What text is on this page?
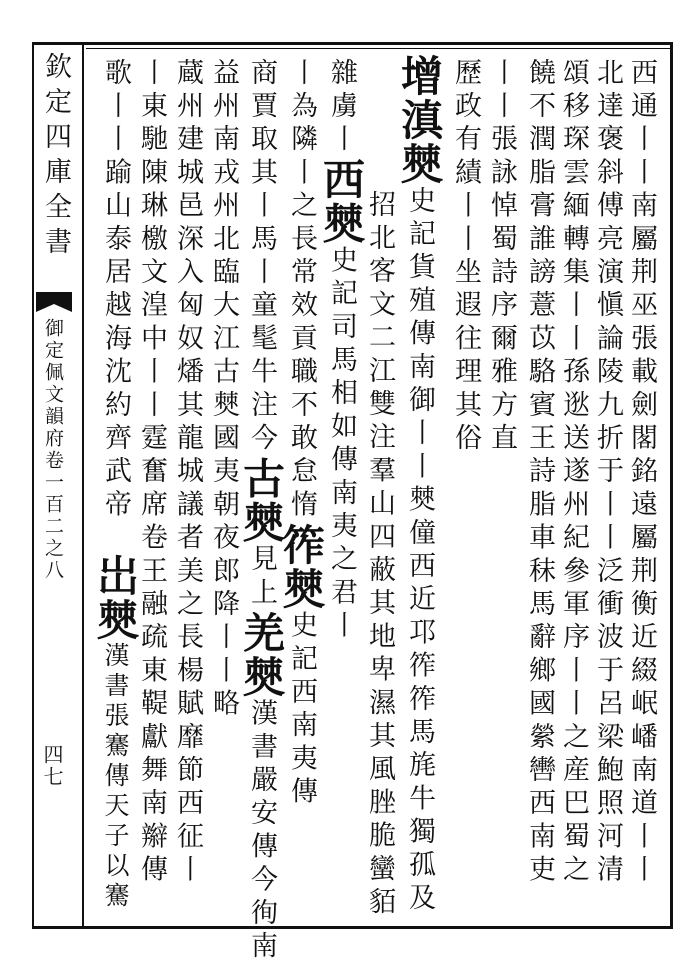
欽定四庫全書
御定佩文韻府卷一百二之八
四七	西通丨丨南屬荆巫張載劍閣銘遠屬荆衡近綴岷嶓南道丨丨
北達褒斜傅亮演愼論陵九折于丨丨泛衝波于呂梁鮑照河清
頌移琛雲緬轉集丨丨孫逖送遂州紀參軍序丨丨之産巴蜀之
饒不潤脂膏誰謗薏苡駱賓王詩脂車秣馬辭鄉國縈轡西南吏
丨丨張詠悼蜀詩序爾雅方直
歷政有績丨丨坐遐往理其俗
增滇僰史記貨殖傳南御丨丨僰僮西近邛筰筰馬旄牛獨孤及
招北客文二江雙注羣山四蔽其地卑濕其風脞脆蠻貊
雜虜丨西僰史記司馬相如傳南夷之君丨
丨為隣丨之長常效貢職不敢怠惰筰僰史記西南夷傳
商賈取其丨馬丨童髦牛注今古僰見上羌僰漢書嚴安傳今徇南
益州南戎州北臨大江古僰國夷朝夜郎降丨丨略
蔵州建城邑深入匈奴燔其龍城議者美之長楊賦靡節西征丨
丨東馳陳琳檄文湟中丨丨霆奮席卷王融疏東鞮獻舞南辮傳
歌丨丨踰山泰居越海沈約齊武帝
岀僰漢書張騫傳天子以騫
